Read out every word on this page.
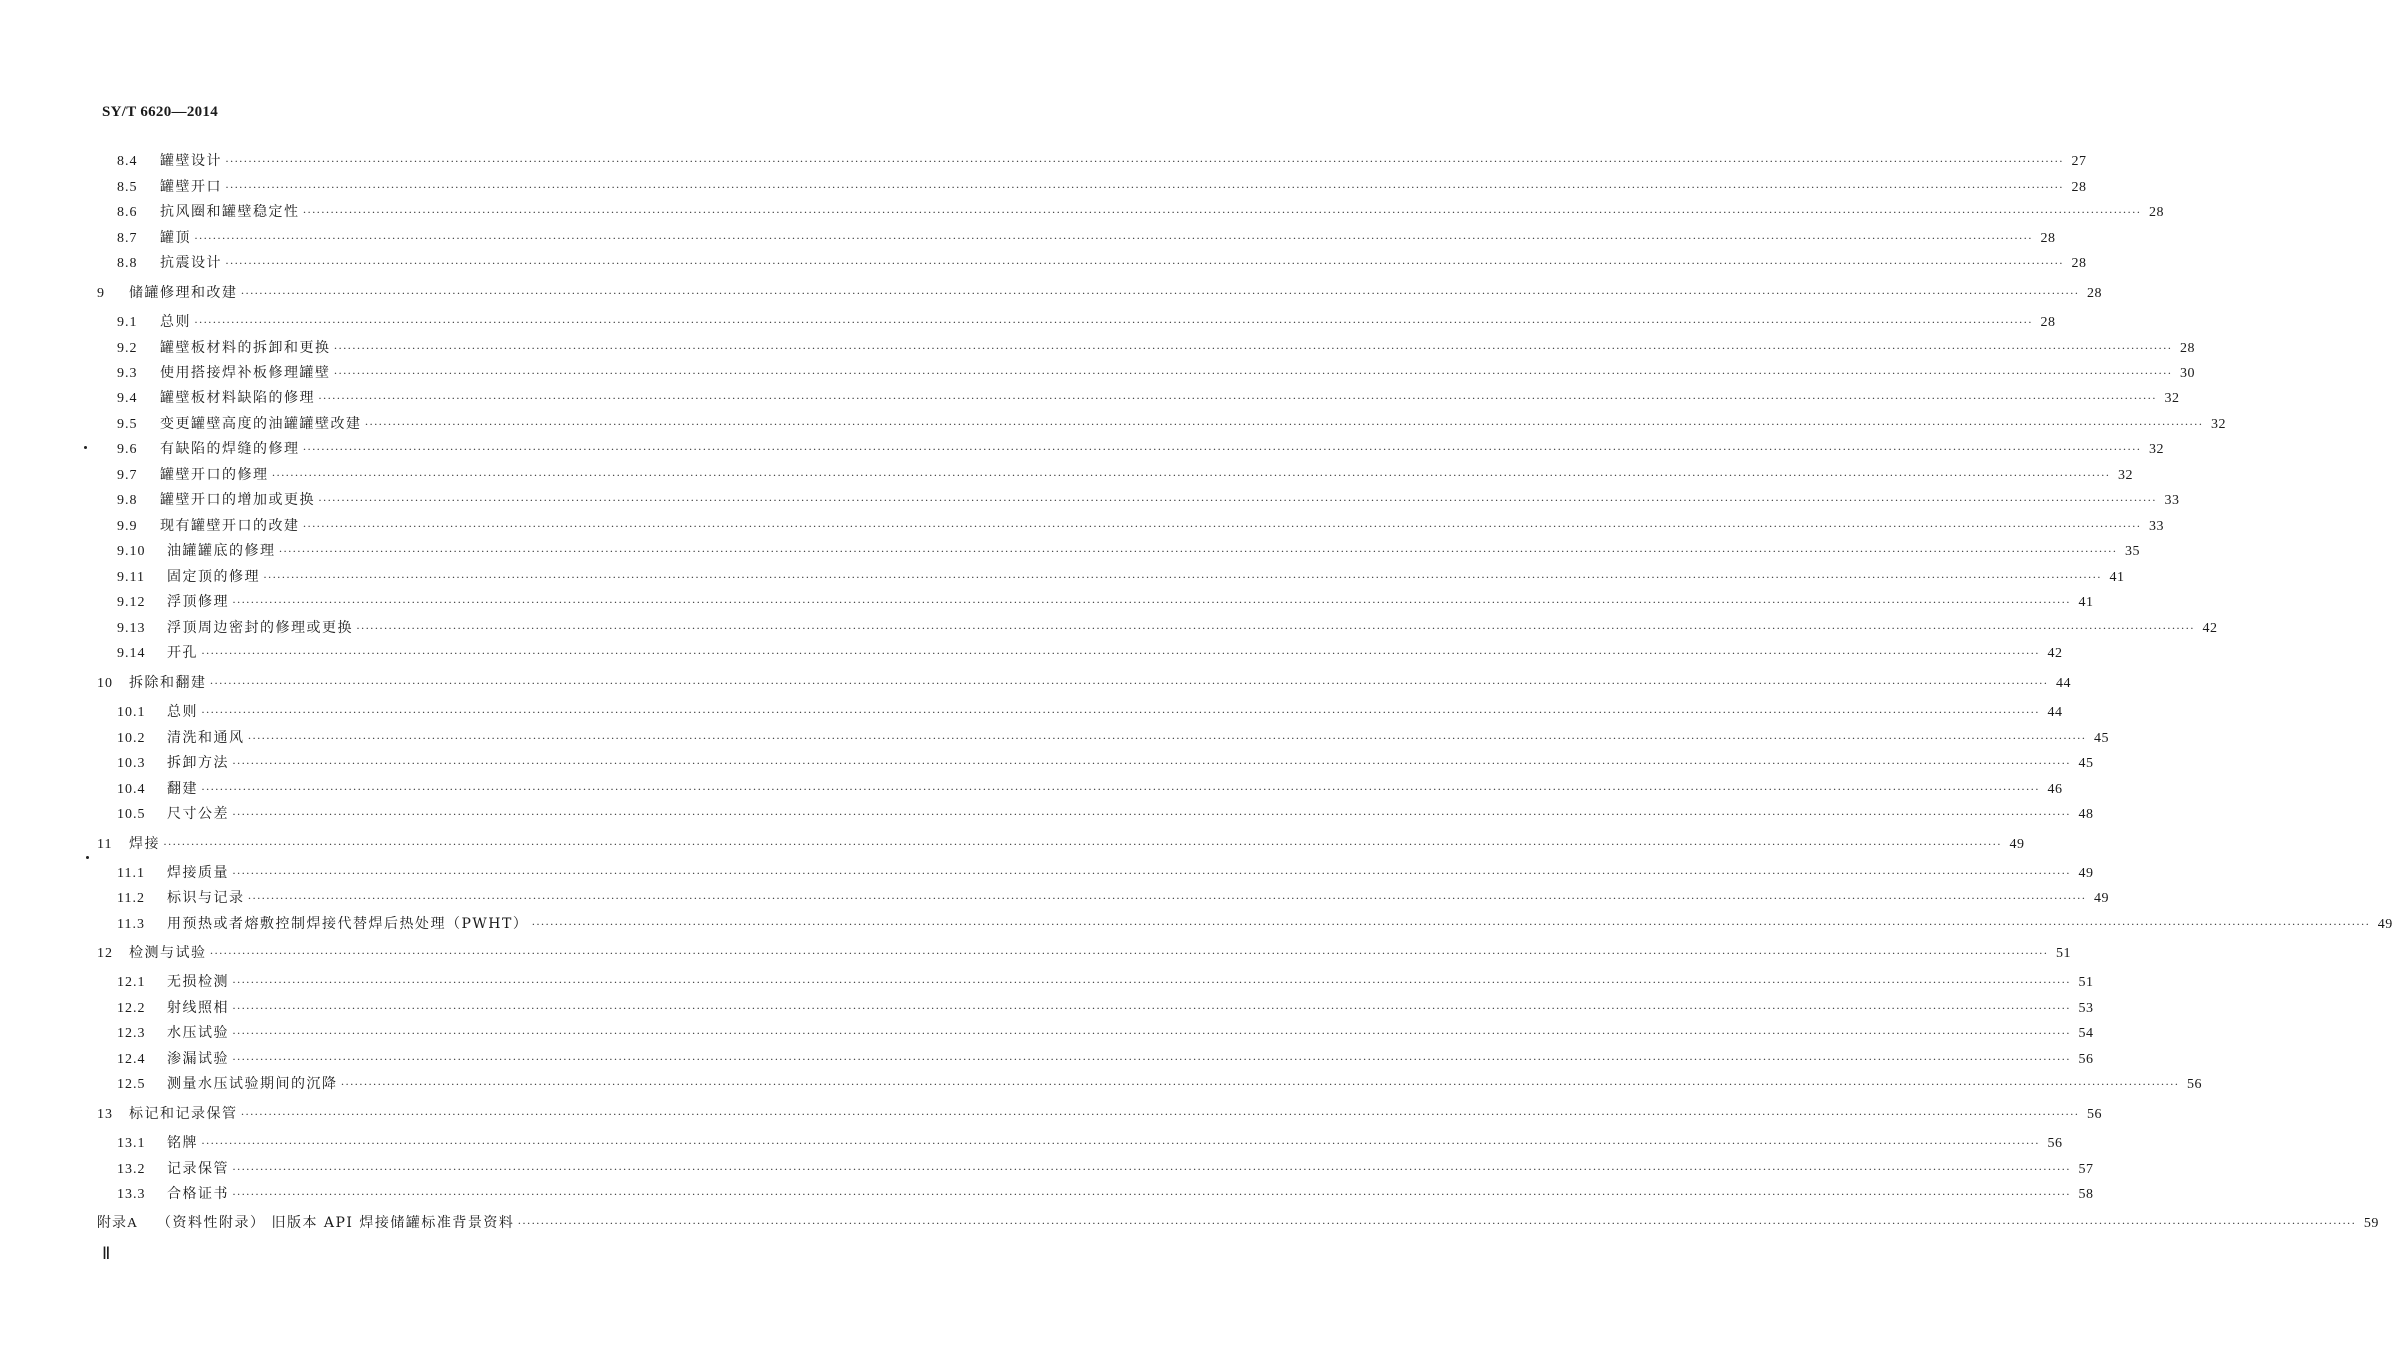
SY/T 6620—2014
8.4	罐壁设计 ················································································································································································································································································································································································································ 27
8.5	罐壁开口 ················································································································································································································································································································································································································ 28
8.6	抗风圈和罐壁稳定性 ················································································································································································································································································································································································································ 28
8.7	罐顶 ················································································································································································································································································································································································································ 28
8.8	抗震设计 ················································································································································································································································································································································································································ 28
9	储罐修理和改建 ················································································································································································································································································································································································································ 28
9.1	总则 ················································································································································································································································································································································································································ 28
9.2	罐壁板材料的拆卸和更换 ················································································································································································································································································································································································································ 28
9.3	使用搭接焊补板修理罐壁 ················································································································································································································································································································································································································ 30
9.4	罐壁板材料缺陷的修理 ················································································································································································································································································································································································································ 32
9.5	变更罐壁高度的油罐罐壁改建 ················································································································································································································································································································································································································ 32
9.6	有缺陷的焊缝的修理 ················································································································································································································································································································································································································ 32
9.7	罐壁开口的修理 ················································································································································································································································································································································································································ 32
9.8	罐壁开口的增加或更换 ················································································································································································································································································································································································································ 33
9.9	现有罐壁开口的改建 ················································································································································································································································································································································································································ 33
9.10	油罐罐底的修理 ················································································································································································································································································································································································································ 35
9.11	固定顶的修理 ················································································································································································································································································································································································································ 41
9.12	浮顶修理 ················································································································································································································································································································································································································ 41
9.13	浮顶周边密封的修理或更换 ················································································································································································································································································································································································································ 42
9.14	开孔 ················································································································································································································································································································································································································ 42
10	拆除和翻建 ················································································································································································································································································································································································································ 44
10.1	总则 ················································································································································································································································································································································································································ 44
10.2	清洗和通风 ················································································································································································································································································································································································································ 45
10.3	拆卸方法 ················································································································································································································································································································································································································ 45
10.4	翻建 ················································································································································································································································································································································································································ 46
10.5	尺寸公差 ················································································································································································································································································································································································································ 48
11	焊接 ················································································································································································································································································································································································································ 49
11.1	焊接质量 ················································································································································································································································································································································································································ 49
11.2	标识与记录 ················································································································································································································································································································································································································ 49
11.3	用预热或者熔敷控制焊接代替焊后热处理（PWHT） ················································································································································································································································································································································································································ 49
12	检测与试验 ················································································································································································································································································································································································································ 51
12.1	无损检测 ················································································································································································································································································································································································································ 51
12.2	射线照相 ················································································································································································································································································································································································································ 53
12.3	水压试验 ················································································································································································································································································································································································································ 54
12.4	渗漏试验 ················································································································································································································································································································································································································ 56
12.5	测量水压试验期间的沉降 ················································································································································································································································································································································································································ 56
13	标记和记录保管 ················································································································································································································································································································································································································ 56
13.1	铭牌 ················································································································································································································································································································································································································ 56
13.2	记录保管 ················································································································································································································································································································································································································ 57
13.3	合格证书 ················································································································································································································································································································································································································ 58
附录A	（资料性附录） 旧版本 API 焊接储罐标准背景资料 ················································································································································································································································································································································································································ 59
Ⅱ
